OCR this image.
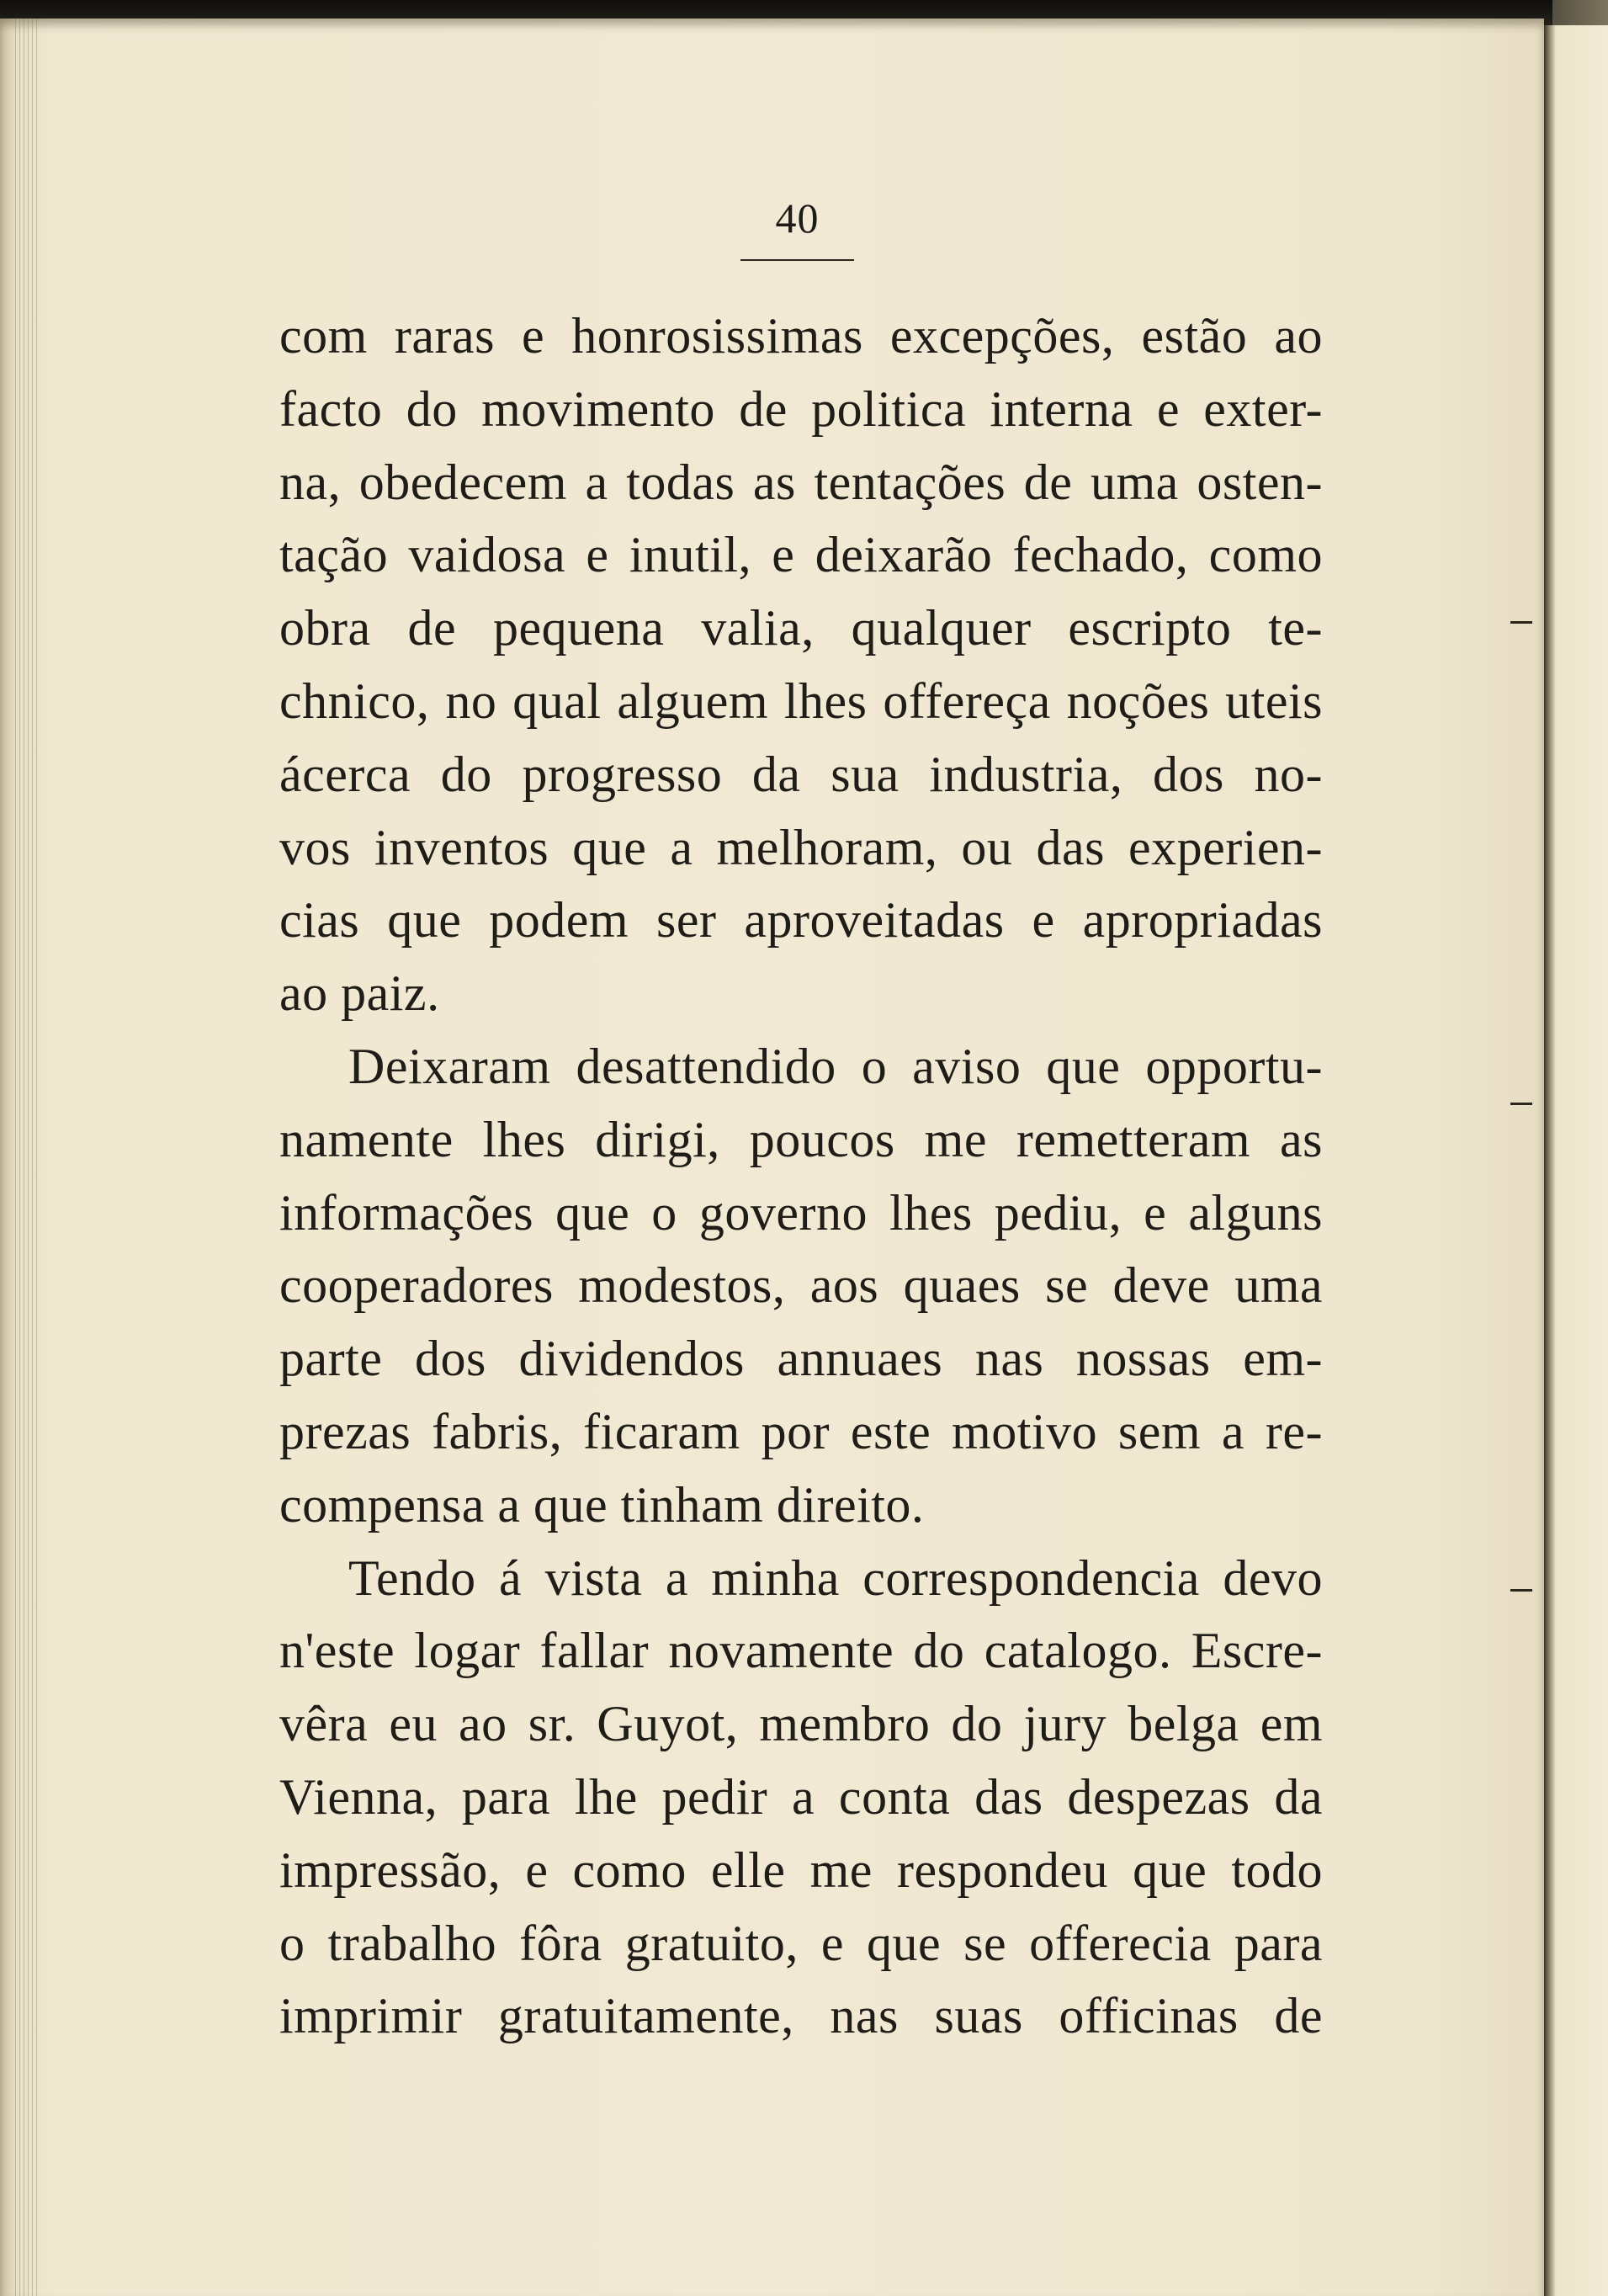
40
com raras e honrosissimas excepções, estão ao
facto do movimento de politica interna e exter-
na, obedecem a todas as tentações de uma osten-
tação vaidosa e inutil, e deixarão fechado, como
obra de pequena valia, qualquer escripto te-
chnico, no qual alguem lhes offereça noções uteis
ácerca do progresso da sua industria, dos no-
vos inventos que a melhoram, ou das experien-
cias que podem ser aproveitadas e apropriadas
ao paiz.
Deixaram desattendido o aviso que opportu-
namente lhes dirigi, poucos me remetteram as
informações que o governo lhes pediu, e alguns
cooperadores modestos, aos quaes se deve uma
parte dos dividendos annuaes nas nossas em-
prezas fabris, ficaram por este motivo sem a re-
compensa a que tinham direito.
Tendo á vista a minha correspondencia devo
n'este logar fallar novamente do catalogo. Escre-
vêra eu ao sr. Guyot, membro do jury belga em
Vienna, para lhe pedir a conta das despezas da
impressão, e como elle me respondeu que todo
o trabalho fôra gratuito, e que se offerecia para
imprimir gratuitamente, nas suas officinas de
